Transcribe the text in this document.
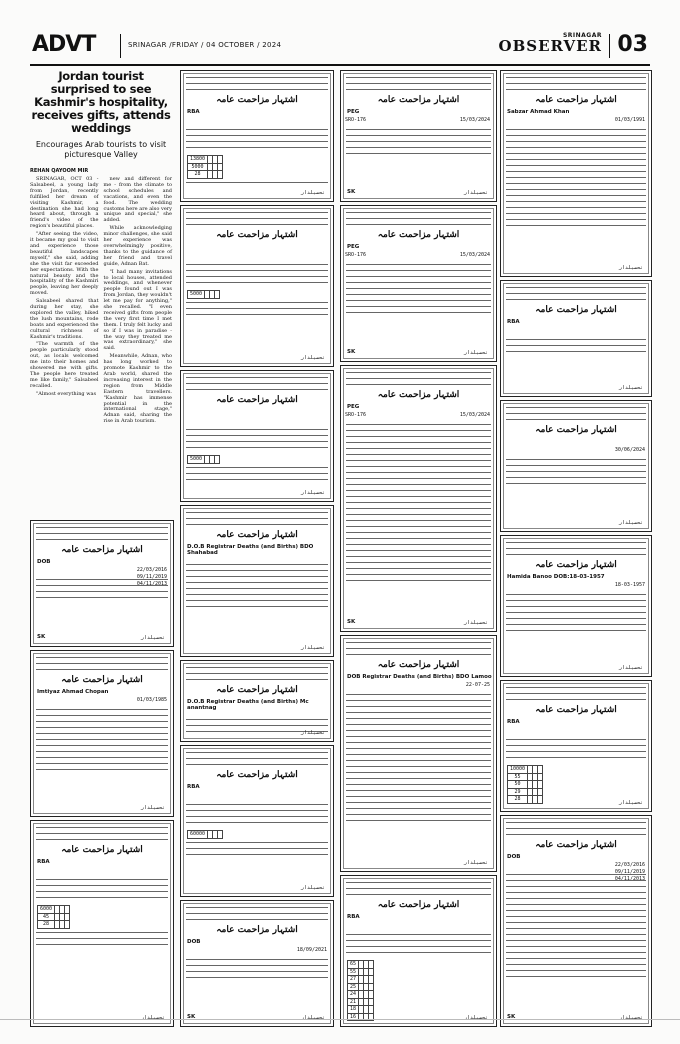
ADVT	SRINAGAR /FRIDAY / 04 OCTOBER / 2024
SRINAGAR
OBSERVER 03
Jordan tourist surprised to see Kashmir's hospitality, receives gifts, attends weddings
Encourages Arab tourists to visit picturesque Valley
REHAN QAYOOM MIR

SRINAGAR, OCT 03 - Salsabeel, a young lady from Jordan, recently fulfilled her dream of visiting Kashmir, a destination she had long heard about, through a friend's video of the region's beautiful places.

"After seeing the video, it became my goal to visit and experience those beautiful landscapes myself," she said, adding she the visit far exceeded her expectations. With the natural beauty and the hospitality of the Kashmiri people, leaving her deeply moved.

Salsabeel shared that during her stay, she explored the valley, hiked the lush mountains, rode boats and experienced the cultural richness of Kashmir's traditions.

"The warmth of the people particularly stood out, as locals welcomed me into their homes and showered me with gifts. The people here treated me like family," Salsabeel recalled.

"Almost everything was

new and different for me - from the climate to school schedules and vacations, and even the food. The wedding customs here are also very unique and special," she added.

While acknowledging minor challenges, she said her experience was overwhelmingly positive, thanks to the guidance of her friend and travel guide, Adnan Bat.

"I had many invitations to local houses, attended weddings, and whenever people found out I was from Jordan, they wouldn't let me pay for anything," she recalled. "I even received gifts from people the very first time I met them. I truly felt lucky and so if I was in paradise - the way they treated me was extraordinary," she said.

Meanwhile, Adnan, who has long worked to promote Kashmir to the Arab world, shared the increasing interest in the region from Middle Eastern travellers. "Kashmir has immense potential in the international stage," Adnan said, sharing the rise in Arab tourism.

اشتہار مزاحمت عامہ
DOB
22/03/2016
09/11/2019
04/11/2013
SK	تحصیلدار
اشتہار مزاحمت عامہ
Imtiyaz Ahmad Chopan
01/03/1985
تحصیلدار
اشتہار مزاحمت عامہ
RBA
6000			
45			
28			
تحصیلدار
اشتہار مزاحمت عامہ
RBA
13800			
5000			
28			
تحصیلدار
اشتہار مزاحمت عامہ
5000			
تحصیلدار
اشتہار مزاحمت عامہ
5000			
تحصیلدار
اشتہار مزاحمت عامہ
D.O.B Registrar Deaths (and Births) BDO Shahabad
تحصیلدار
اشتہار مزاحمت عامہ
D.O.B Registrar Deaths (and Births) Mc anantnag
تحصیلدار
اشتہار مزاحمت عامہ
RBA
60000			
تحصیلدار
اشتہار مزاحمت عامہ
DOB
18/09/2021
SK	تحصیلدار
اشتہار مزاحمت عامہ
PEG
SRO-176	15/03/2024
SK	تحصیلدار
اشتہار مزاحمت عامہ
PEG
SRO-176	15/03/2024
SK	تحصیلدار
اشتہار مزاحمت عامہ
PEG
SRO-176	15/03/2024
SK	تحصیلدار
اشتہار مزاحمت عامہ
DOB Registrar Deaths (and Births) BDO Lamoo
22-07-25
تحصیلدار
اشتہار مزاحمت عامہ
RBA
65			
55			
27			
25			
24			
21			
18			
16				تحصیلدار
اشتہار مزاحمت عامہ
Sabzar Ahmad Khan
01/03/1991
تحصیلدار
اشتہار مزاحمت عامہ
RBA
تحصیلدار
اشتہار مزاحمت عامہ
30/06/2024
تحصیلدار
اشتہار مزاحمت عامہ
Hamida Banoo DOB:18-03-1957
18-03-1957
تحصیلدار
اشتہار مزاحمت عامہ
RBA
10000			
55			
50			
29			
28			
تحصیلدار
اشتہار مزاحمت عامہ
DOB
22/03/2016
09/11/2019
04/11/2013
SK	تحصیلدار
